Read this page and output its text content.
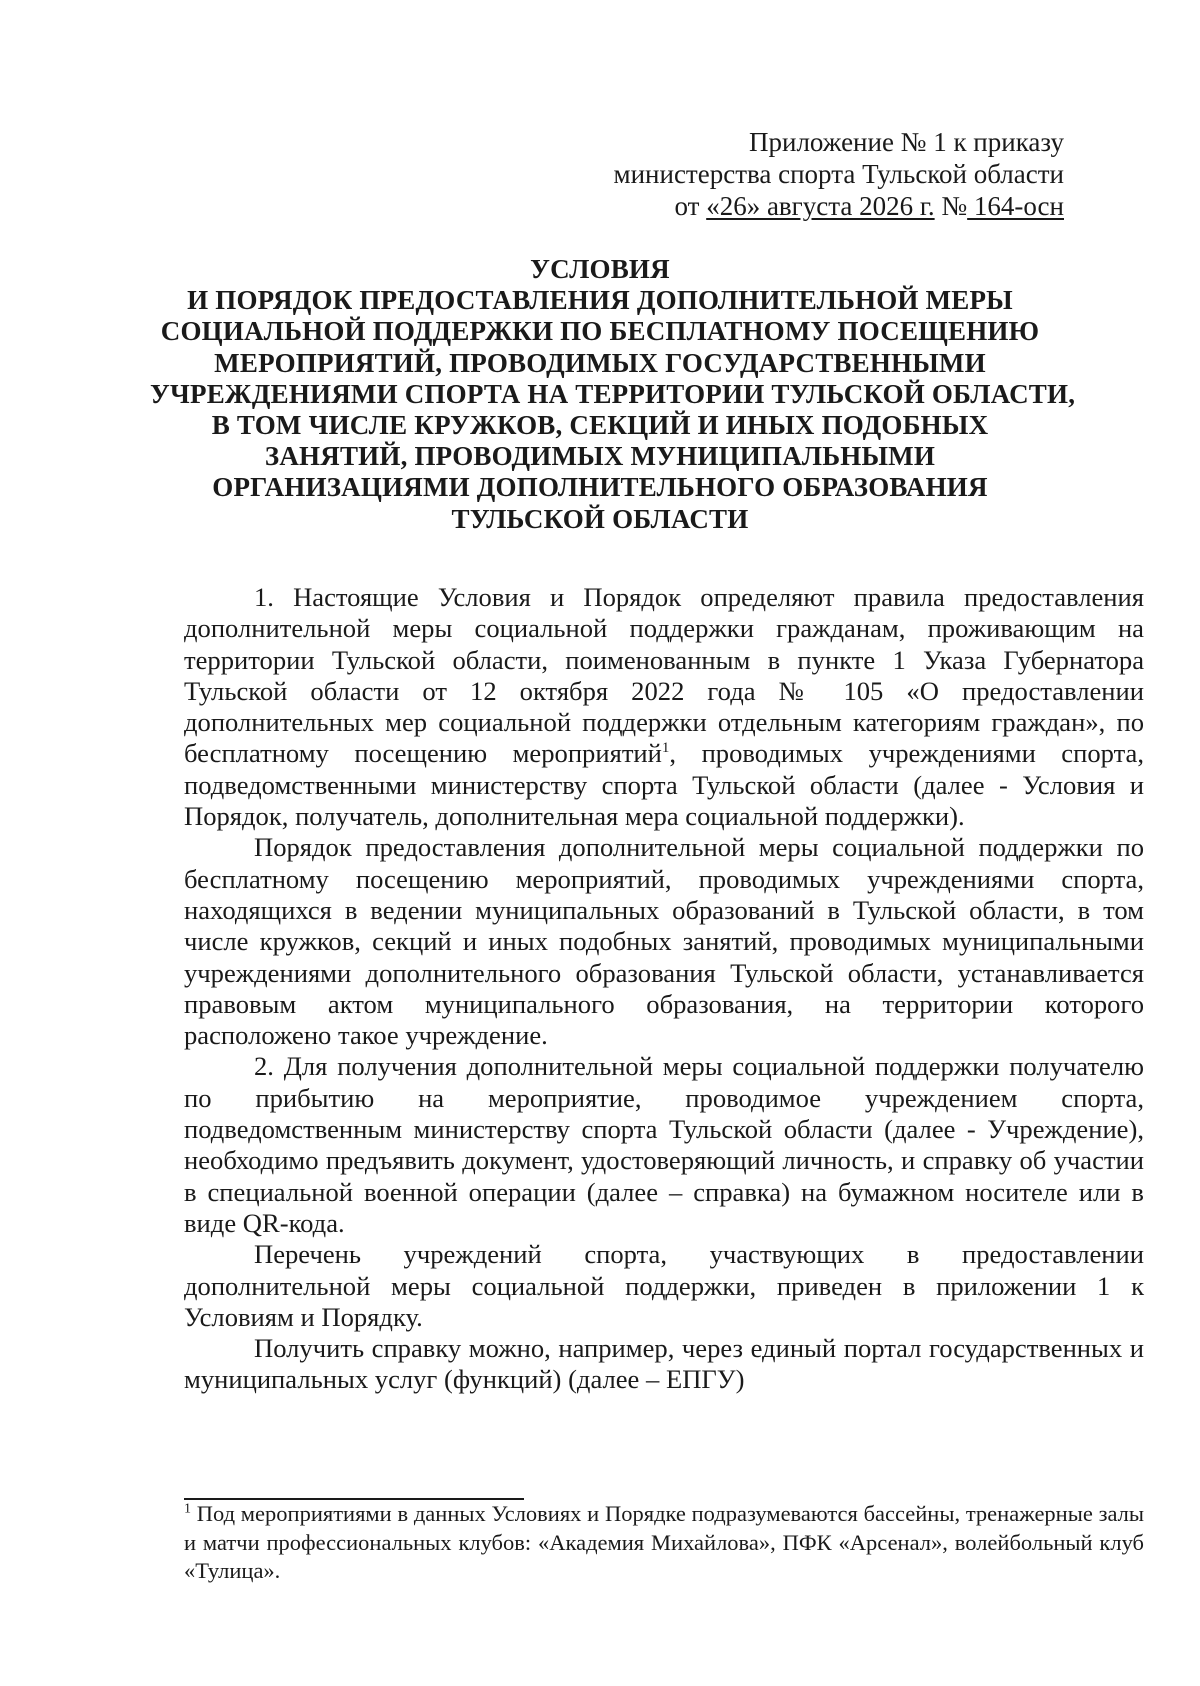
Приложение № 1 к приказу
министерства спорта Тульской области
от «26» августа 2026 г. № 164-осн
УСЛОВИЯ
И ПОРЯДОК ПРЕДОСТАВЛЕНИЯ ДОПОЛНИТЕЛЬНОЙ МЕРЫ
СОЦИАЛЬНОЙ ПОДДЕРЖКИ ПО БЕСПЛАТНОМУ ПОСЕЩЕНИЮ
МЕРОПРИЯТИЙ, ПРОВОДИМЫХ ГОСУДАРСТВЕННЫМИ
УЧРЕЖДЕНИЯМИ СПОРТА НА ТЕРРИТОРИИ ТУЛЬСКОЙ ОБЛАСТИ,
В ТОМ ЧИСЛЕ КРУЖКОВ, СЕКЦИЙ И ИНЫХ ПОДОБНЫХ
ЗАНЯТИЙ, ПРОВОДИМЫХ МУНИЦИПАЛЬНЫМИ
ОРГАНИЗАЦИЯМИ ДОПОЛНИТЕЛЬНОГО ОБРАЗОВАНИЯ
ТУЛЬСКОЙ ОБЛАСТИ

1. Настоящие Условия и Порядок определяют правила предоставления дополнительной меры социальной поддержки гражданам, проживающим на территории Тульской области, поименованным в пункте 1 Указа Губернатора Тульской области от 12 октября 2022 года № 105 «О предоставлении дополнительных мер социальной поддержки отдельным категориям граждан», по бесплатному посещению мероприятий$^1$, проводимых учреждениями спорта, подведомственными министерству спорта Тульской области (далее - Условия и Порядок, получатель, дополнительная мера социальной поддержки).

Порядок предоставления дополнительной меры социальной поддержки по бесплатному посещению мероприятий, проводимых учреждениями спорта, находящихся в ведении муниципальных образований в Тульской области, в том числе кружков, секций и иных подобных занятий, проводимых муниципальными учреждениями дополнительного образования Тульской области, устанавливается правовым актом муниципального образования, на территории которого расположено такое учреждение.

2. Для получения дополнительной меры социальной поддержки получателю по прибытию на мероприятие, проводимое учреждением спорта, подведомственным министерству спорта Тульской области (далее - Учреждение), необходимо предъявить документ, удостоверяющий личность, и справку об участии в специальной военной операции (далее – справка) на бумажном носителе или в виде QR-кода.

Перечень учреждений спорта, участвующих в предоставлении дополнительной меры социальной поддержки, приведен в приложении 1 к Условиям и Порядку.

Получить справку можно, например, через единый портал государственных и муниципальных услуг (функций) (далее – ЕПГУ)

$^1$ Под мероприятиями в данных Условиях и Порядке подразумеваются бассейны, тренажерные залы и матчи профессиональных клубов: «Академия Михайлова», ПФК «Арсенал», волейбольный клуб «Тулица».
